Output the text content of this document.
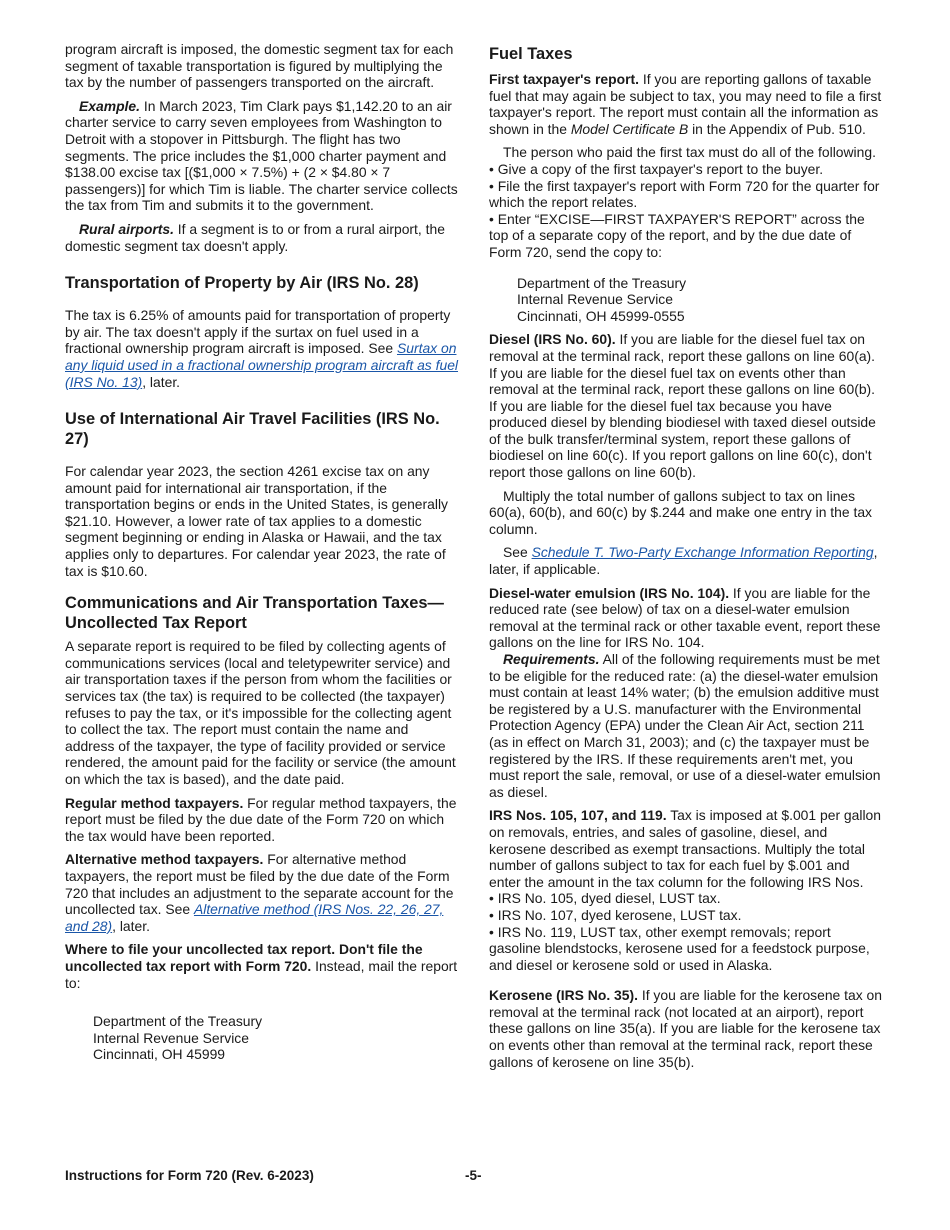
program aircraft is imposed, the domestic segment tax for each segment of taxable transportation is figured by multiplying the tax by the number of passengers transported on the aircraft.

Example. In March 2023, Tim Clark pays $1,142.20 to an air charter service to carry seven employees from Washington to Detroit with a stopover in Pittsburgh. The flight has two segments. The price includes the $1,000 charter payment and $138.00 excise tax [($1,000 × 7.5%) + (2 × $4.80 × 7 passengers)] for which Tim is liable. The charter service collects the tax from Tim and submits it to the government.

Rural airports. If a segment is to or from a rural airport, the domestic segment tax doesn't apply.

Transportation of Property by Air (IRS No. 28)

The tax is 6.25% of amounts paid for transportation of property by air. The tax doesn't apply if the surtax on fuel used in a fractional ownership program aircraft is imposed. See Surtax on any liquid used in a fractional ownership program aircraft as fuel (IRS No. 13), later.

Use of International Air Travel Facilities (IRS No. 27)

For calendar year 2023, the section 4261 excise tax on any amount paid for international air transportation, if the transportation begins or ends in the United States, is generally $21.10. However, a lower rate of tax applies to a domestic segment beginning or ending in Alaska or Hawaii, and the tax applies only to departures. For calendar year 2023, the rate of tax is $10.60.

Communications and Air Transportation Taxes—Uncollected Tax Report

A separate report is required to be filed by collecting agents of communications services (local and teletypewriter service) and air transportation taxes if the person from whom the facilities or services tax (the tax) is required to be collected (the taxpayer) refuses to pay the tax, or it's impossible for the collecting agent to collect the tax. The report must contain the name and address of the taxpayer, the type of facility provided or service rendered, the amount paid for the facility or service (the amount on which the tax is based), and the date paid.

Regular method taxpayers. For regular method taxpayers, the report must be filed by the due date of the Form 720 on which the tax would have been reported.

Alternative method taxpayers. For alternative method taxpayers, the report must be filed by the due date of the Form 720 that includes an adjustment to the separate account for the uncollected tax. See Alternative method (IRS Nos. 22, 26, 27, and 28), later.

Where to file your uncollected tax report. Don't file the uncollected tax report with Form 720. Instead, mail the report to:

Department of the Treasury
Internal Revenue Service
Cincinnati, OH 45999
Fuel Taxes

First taxpayer's report. If you are reporting gallons of taxable fuel that may again be subject to tax, you may need to file a first taxpayer's report. The report must contain all the information as shown in the Model Certificate B in the Appendix of Pub. 510.

The person who paid the first tax must do all of the following.

• Give a copy of the first taxpayer's report to the buyer.

• File the first taxpayer's report with Form 720 for the quarter for which the report relates.

• Enter “EXCISE—FIRST TAXPAYER'S REPORT” across the top of a separate copy of the report, and by the due date of Form 720, send the copy to:

Department of the Treasury
Internal Revenue Service
Cincinnati, OH 45999-0555

Diesel (IRS No. 60). If you are liable for the diesel fuel tax on removal at the terminal rack, report these gallons on line 60(a). If you are liable for the diesel fuel tax on events other than removal at the terminal rack, report these gallons on line 60(b). If you are liable for the diesel fuel tax because you have produced diesel by blending biodiesel with taxed diesel outside of the bulk transfer/terminal system, report these gallons of biodiesel on line 60(c). If you report gallons on line 60(c), don't report those gallons on line 60(b).

Multiply the total number of gallons subject to tax on lines 60(a), 60(b), and 60(c) by $.244 and make one entry in the tax column.

See Schedule T. Two-Party Exchange Information Reporting, later, if applicable.

Diesel-water emulsion (IRS No. 104). If you are liable for the reduced rate (see below) of tax on a diesel-water emulsion removal at the terminal rack or other taxable event, report these gallons on the line for IRS No. 104.

Requirements. All of the following requirements must be met to be eligible for the reduced rate: (a) the diesel-water emulsion must contain at least 14% water; (b) the emulsion additive must be registered by a U.S. manufacturer with the Environmental Protection Agency (EPA) under the Clean Air Act, section 211 (as in effect on March 31, 2003); and (c) the taxpayer must be registered by the IRS. If these requirements aren't met, you must report the sale, removal, or use of a diesel-water emulsion as diesel.

IRS Nos. 105, 107, and 119. Tax is imposed at $.001 per gallon on removals, entries, and sales of gasoline, diesel, and kerosene described as exempt transactions. Multiply the total number of gallons subject to tax for each fuel by $.001 and enter the amount in the tax column for the following IRS Nos.

• IRS No. 105, dyed diesel, LUST tax.

• IRS No. 107, dyed kerosene, LUST tax.

• IRS No. 119, LUST tax, other exempt removals; report gasoline blendstocks, kerosene used for a feedstock purpose, and diesel or kerosene sold or used in Alaska.

Kerosene (IRS No. 35). If you are liable for the kerosene tax on removal at the terminal rack (not located at an airport), report these gallons on line 35(a). If you are liable for the kerosene tax on events other than removal at the terminal rack, report these gallons of kerosene on line 35(b).

Instructions for Form 720 (Rev. 6-2023)	-5-
